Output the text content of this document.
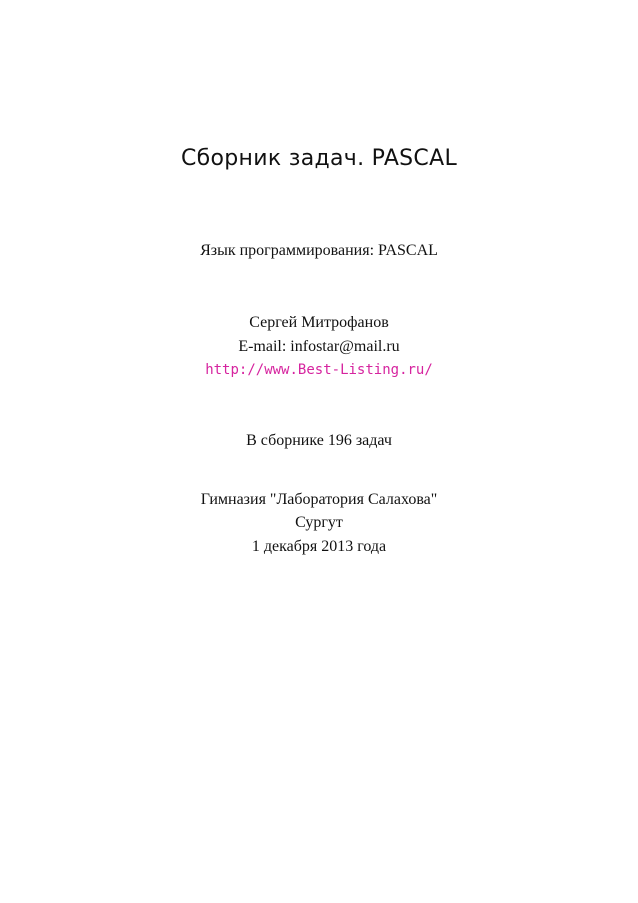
Сборник задач. PASCAL
Язык программирования: PASCAL
Сергей Митрофанов
E-mail: infostar@mail.ru
http://www.Best-Listing.ru/
В сборнике 196 задач
Гимназия "Лаборатория Салахова"
Сургут
1 декабря 2013 года
